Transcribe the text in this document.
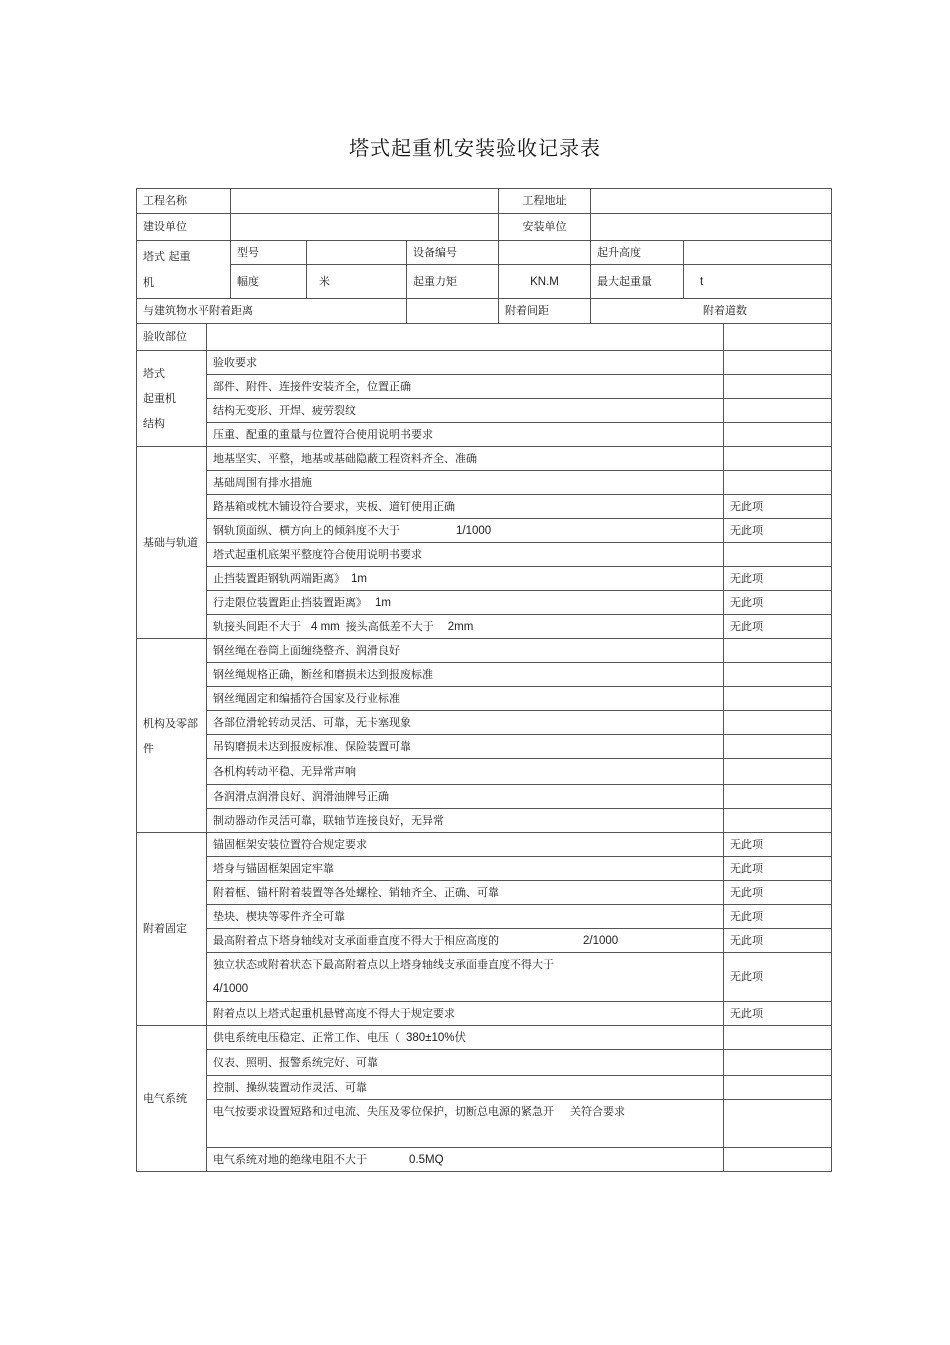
塔式起重机安装验收记录表
工程名称					工程地址			
建设单位					安装单位			

塔式 起重
机		型号		设备编号		起升高度		
		幅度	米	起重力矩	KN.M	最大起重量	t	
与建筑物水平附着距离					附着间距	附着道数		
验收部位								

塔式
起重机
结构	验收要求							
	部件、附件、连接件安装齐全，位置正确							
	结构无变形、开焊、疲劳裂纹							
	压重、配重的重量与位置符合使用说明书要求							
基础与轨道	地基坚实、平整，地基或基础隐蔽工程资料齐全、准确							
	基础周围有排水措施							
	路基箱或枕木铺设符合要求，夹板、道钉使用正确							无此项
	钢轨顶面纵、横方向上的倾斜度不大于 1/1000							无此项
	塔式起重机底架平整度符合使用说明书要求							
	止挡装置距钢轨两端距离》 1m							无此项
	行走限位装置距止挡装置距离》 1m							无此项
	轨接头间距不大于 4 mm 接头高低差不大于 2mm							无此项

机构及零部
件	钢丝绳在卷筒上面缠绕整齐、润滑良好							
	钢丝绳规格正确，断丝和磨损未达到报废标准							
	钢丝绳固定和编插符合国家及行业标准							
	各部位滑轮转动灵活、可靠，无卡塞现象							
	吊钩磨损未达到报废标准、保险装置可靠							
	各机构转动平稳、无异常声响							
	各润滑点润滑良好、润滑油牌号正确							
	制动器动作灵活可靠，联轴节连接良好，无异常							
附着固定	锚固框架安装位置符合规定要求							无此项
	塔身与锚固框架固定牢靠							无此项
	附着框、锚杆附着装置等各处螺栓、销轴齐全、正确、可靠							无此项
	垫块、楔块等零件齐全可靠							无此项
	最高附着点下塔身轴线对支承面垂直度不得大于相应高度的 2/1000							无此项

	独立状态或附着状态下最高附着点以上塔身轴线支承面垂直度不得大于
4/1000							无此项
	附着点以上塔式起重机悬臂高度不得大于规定要求							无此项
电气系统	供电系统电压稳定、正常工作、电压（ 380±10%伏							
	仪表、照明、报警系统完好、可靠							
	控制、操纵装置动作灵活、可靠							
	电气按要求设置短路和过电流、失压及零位保护，切断总电源的紧急开 关符合要求							
	电气系统对地的绝缘电阻不大于 0.5MQ							
